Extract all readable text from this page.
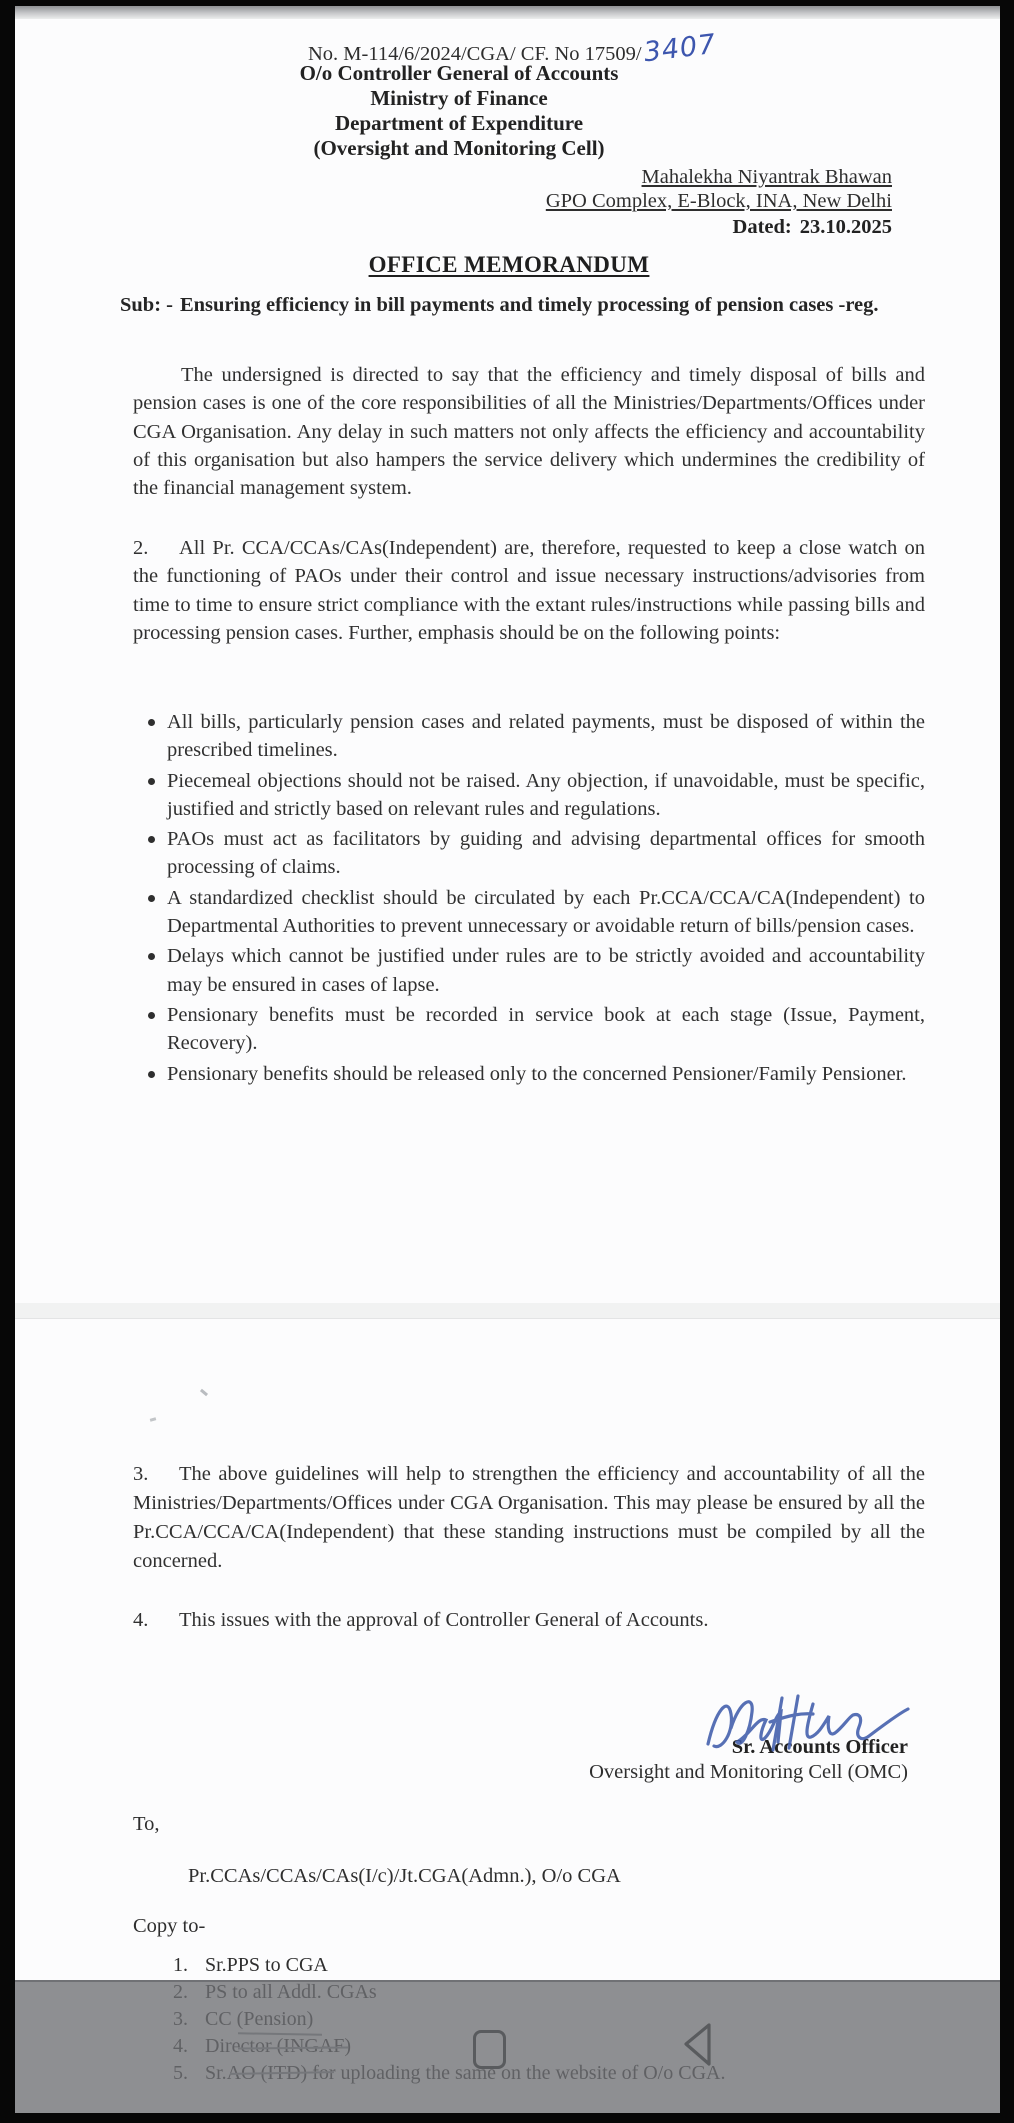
No. M-114/6/2024/CGA/ CF. No 17509/3407
O/o Controller General of Accounts
Ministry of Finance
Department of Expenditure
(Oversight and Monitoring Cell)
Mahalekha Niyantrak Bhawan
GPO Complex, E-Block, INA, New Delhi
Dated: 23.10.2025
OFFICE MEMORANDUM
Sub: - Ensuring efficiency in bill payments and timely processing of pension cases -reg.
The undersigned is directed to say that the efficiency and timely disposal of bills and pension cases is one of the core responsibilities of all the Ministries/Departments/Offices under CGA Organisation. Any delay in such matters not only affects the efficiency and accountability of this organisation but also hampers the service delivery which undermines the credibility of the financial management system.
2. All Pr. CCA/CCAs/CAs(Independent) are, therefore, requested to keep a close watch on the functioning of PAOs under their control and issue necessary instructions/advisories from time to time to ensure strict compliance with the extant rules/instructions while passing bills and processing pension cases. Further, emphasis should be on the following points:
All bills, particularly pension cases and related payments, must be disposed of within the prescribed timelines.
Piecemeal objections should not be raised. Any objection, if unavoidable, must be specific, justified and strictly based on relevant rules and regulations.
PAOs must act as facilitators by guiding and advising departmental offices for smooth processing of claims.
A standardized checklist should be circulated by each Pr.CCA/CCA/CA(Independent) to Departmental Authorities to prevent unnecessary or avoidable return of bills/pension cases.
Delays which cannot be justified under rules are to be strictly avoided and accountability may be ensured in cases of lapse.
Pensionary benefits must be recorded in service book at each stage (Issue, Payment, Recovery).
Pensionary benefits should be released only to the concerned Pensioner/Family Pensioner.
3. The above guidelines will help to strengthen the efficiency and accountability of all the Ministries/Departments/Offices under CGA Organisation. This may please be ensured by all the Pr.CCA/CCA/CA(Independent) that these standing instructions must be compiled by all the concerned.
4. This issues with the approval of Controller General of Accounts.
Sr. Accounts Officer
Oversight and Monitoring Cell (OMC)
To,
Pr.CCAs/CCAs/CAs(I/c)/Jt.CGA(Admn.), O/o CGA
Copy to-
1. Sr.PPS to CGA
